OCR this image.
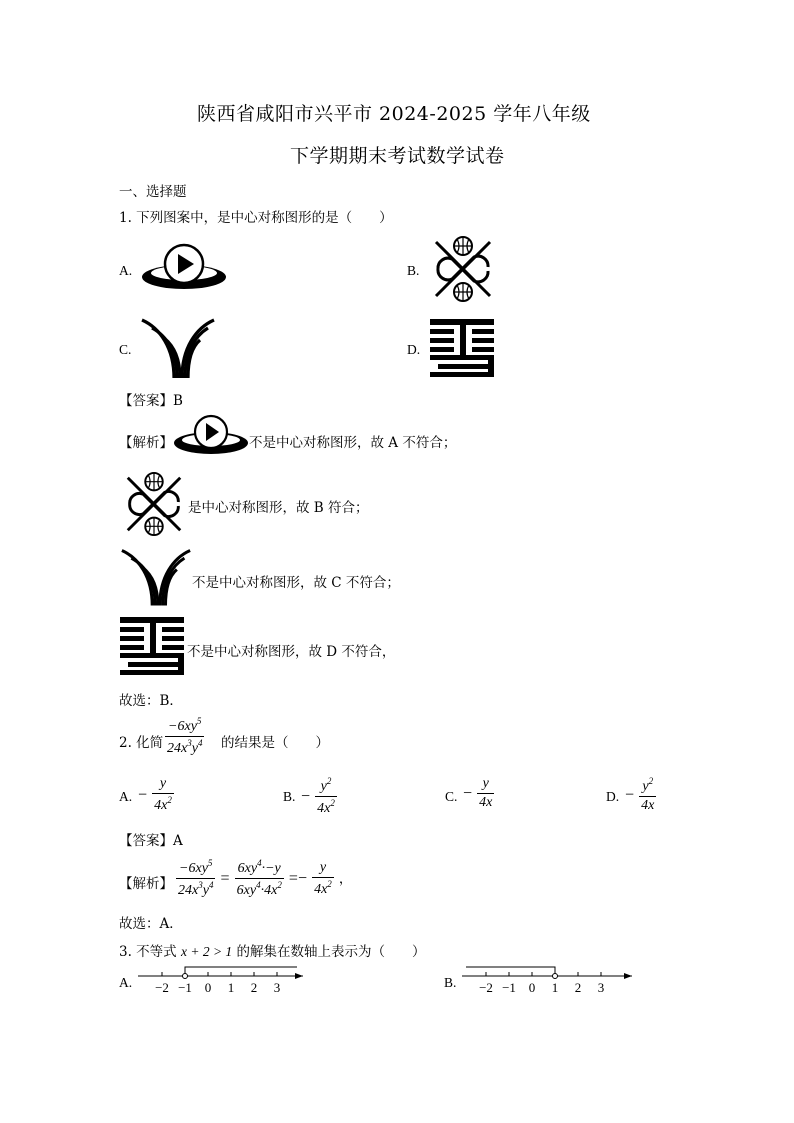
陕西省咸阳市兴平市 2024-2025 学年八年级
下学期期末考试数学试卷
一、选择题
1. 下列图案中，是中心对称图形的是（　　）
A.	B.
C.	D.
【答案】B
【解析】	不是中心对称图形，故 A 不符合；
是中心对称图形，故 B 符合；
不是中心对称图形，故 C 不符合；
不是中心对称图形，故 D 不符合，
故选：B．
2. 化简 $\frac{-6xy^5}{24x^3y^4}$ 的结果是（　　）
A. − $\frac{y}{4x^2}$	B. − $\frac{y^2}{4x^2}$	C. − $\frac{y}{4x}$	D. − $\frac{y^2}{4x}$
【答案】A
【解析】 $\frac{-6xy^5}{24x^3y^4} = \frac{6xy^4\cdot-y}{6xy^4\cdot 4x^2} =- \frac{y}{4x^2}$ ，
故选：A．
3. 不等式 x + 2 > 1 的解集在数轴上表示为（　　）
A. −2 −1 0 1 2 3	B. −2 −1 0 1 2 3
